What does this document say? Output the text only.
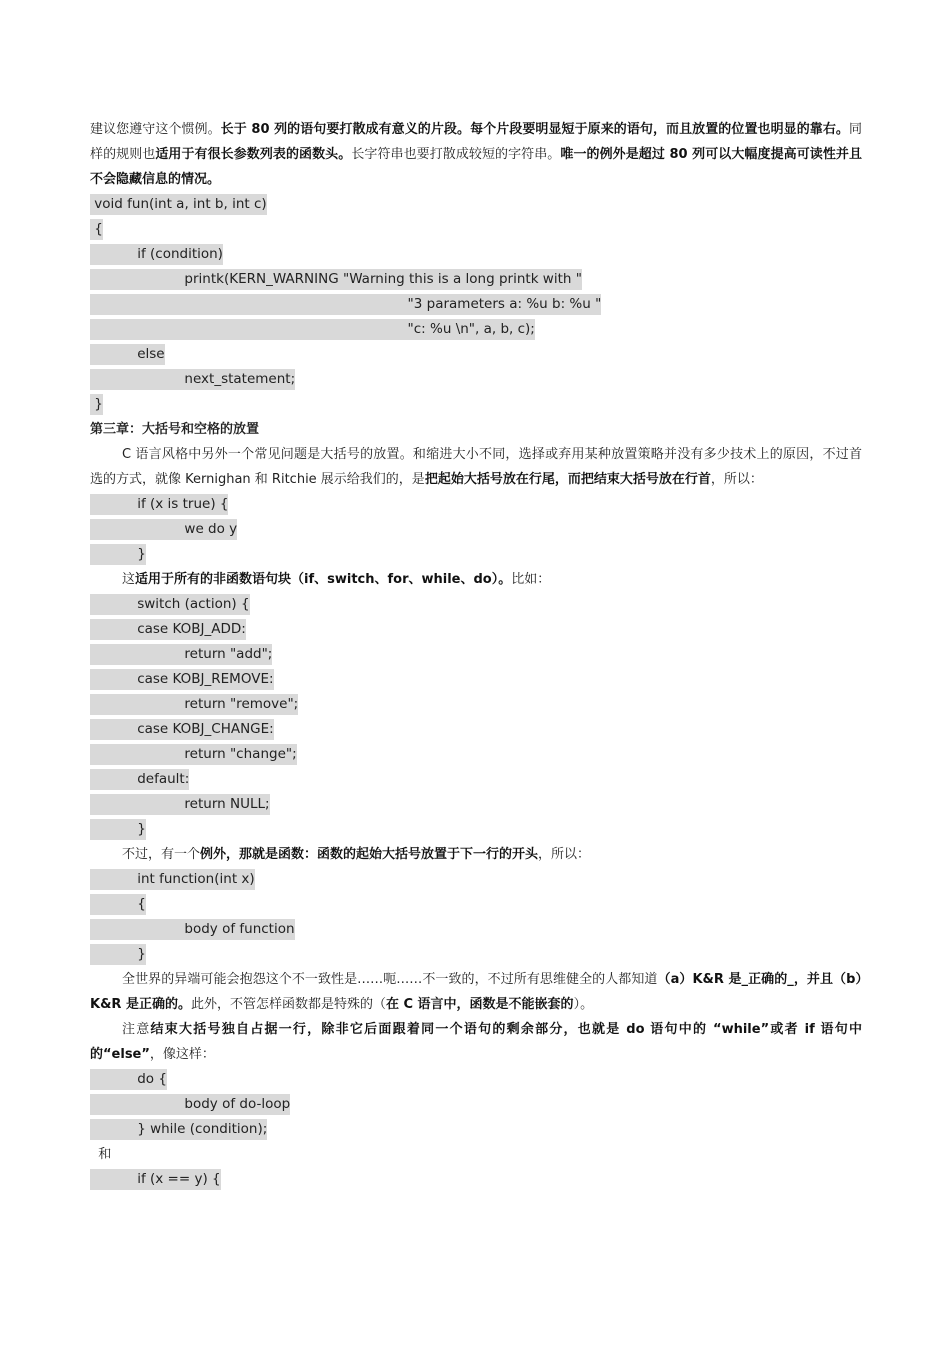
建议您遵守这个惯例。长于 80 列的语句要打散成有意义的片段。每个片段要明显短于原来的语句，而且放置的位置也明显的靠右。同样的规则也适用于有很长参数列表的函数头。长字符串也要打散成较短的字符串。唯一的例外是超过 80 列可以大幅度提高可读性并且不会隐藏信息的情况。

void fun(int a, int b, int c)
{
if (condition)
printk(KERN_WARNING "Warning this is a long printk with "
"3 parameters a: %u b: %u "
"c: %u \n", a, b, c);
else
next_statement;
}

第三章：大括号和空格的放置

C 语言风格中另外一个常见问题是大括号的放置。和缩进大小不同，选择或弃用某种放置策略并没有多少技术上的原因，不过首选的方式，就像 Kernighan 和 Ritchie 展示给我们的，是把起始大括号放在行尾，而把结束大括号放在行首，所以：

if (x is true) {
we do y
}

这适用于所有的非函数语句块（if、switch、for、while、do）。比如：

switch (action) {
case KOBJ_ADD:
return "add";
case KOBJ_REMOVE:
return "remove";
case KOBJ_CHANGE:
return "change";
default:
return NULL;
}

不过，有一个例外，那就是函数：函数的起始大括号放置于下一行的开头，所以：

int function(int x)
{
body of function
}

全世界的异端可能会抱怨这个不一致性是……呃……不一致的，不过所有思维健全的人都知道（a）K&R 是_正确的_，并且（b）K&R 是正确的。此外，不管怎样函数都是特殊的（在 C 语言中，函数是不能嵌套的）。

注意结束大括号独自占据一行，除非它后面跟着同一个语句的剩余部分，也就是 do 语句中的 “while”或者 if 语句中的“else”，像这样：

do {
body of do-loop
} while (condition);
和
if (x == y) {
